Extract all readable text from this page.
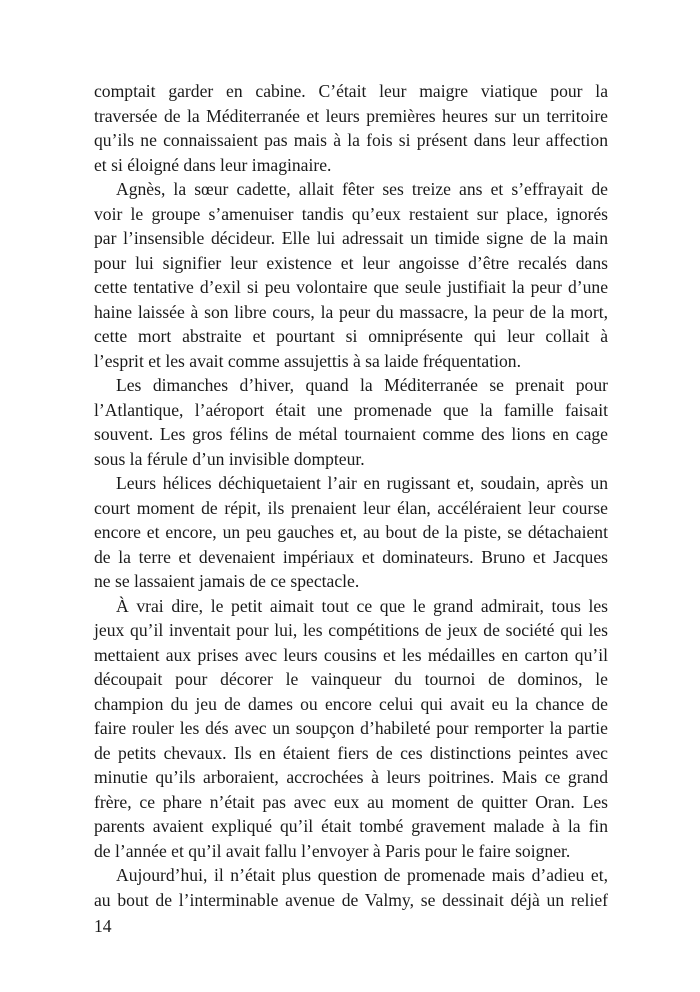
comptait garder en cabine. C’était leur maigre viatique pour la
traversée de la Méditerranée et leurs premières heures sur un territoire
qu’ils ne connaissaient pas mais à la fois si présent dans leur affection
et si éloigné dans leur imaginaire.
Agnès, la sœur cadette, allait fêter ses treize ans et s’effrayait de
voir le groupe s’amenuiser tandis qu’eux restaient sur place, ignorés
par l’insensible décideur. Elle lui adressait un timide signe de la main
pour lui signifier leur existence et leur angoisse d’être recalés dans
cette tentative d’exil si peu volontaire que seule justifiait la peur d’une
haine laissée à son libre cours, la peur du massacre, la peur de la mort,
cette mort abstraite et pourtant si omniprésente qui leur collait à
l’esprit et les avait comme assujettis à sa laide fréquentation.
Les dimanches d’hiver, quand la Méditerranée se prenait pour
l’Atlantique, l’aéroport était une promenade que la famille faisait
souvent. Les gros félins de métal tournaient comme des lions en cage
sous la férule d’un invisible dompteur.
Leurs hélices déchiquetaient l’air en rugissant et, soudain, après un
court moment de répit, ils prenaient leur élan, accéléraient leur course
encore et encore, un peu gauches et, au bout de la piste, se détachaient
de la terre et devenaient impériaux et dominateurs. Bruno et Jacques
ne se lassaient jamais de ce spectacle.
À vrai dire, le petit aimait tout ce que le grand admirait, tous les
jeux qu’il inventait pour lui, les compétitions de jeux de société qui les
mettaient aux prises avec leurs cousins et les médailles en carton qu’il
découpait pour décorer le vainqueur du tournoi de dominos, le
champion du jeu de dames ou encore celui qui avait eu la chance de
faire rouler les dés avec un soupçon d’habileté pour remporter la partie
de petits chevaux. Ils en étaient fiers de ces distinctions peintes avec
minutie qu’ils arboraient, accrochées à leurs poitrines. Mais ce grand
frère, ce phare n’était pas avec eux au moment de quitter Oran. Les
parents avaient expliqué qu’il était tombé gravement malade à la fin
de l’année et qu’il avait fallu l’envoyer à Paris pour le faire soigner.
Aujourd’hui, il n’était plus question de promenade mais d’adieu et,
au bout de l’interminable avenue de Valmy, se dessinait déjà un relief
14
